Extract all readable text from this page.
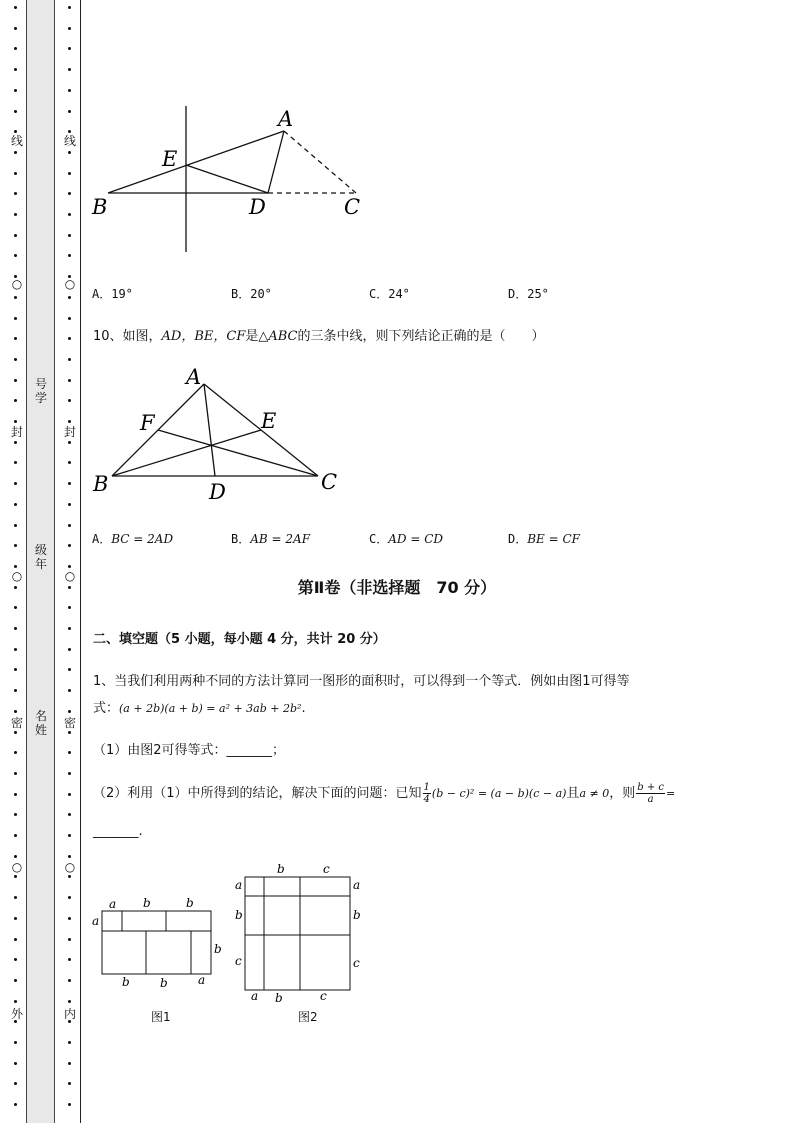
线
○
封
○
密
○
外
线
○
封
○
密
○
内
号学
级年
名姓
A
E
B	D	C
A．19°	B．20°	C．24°	D．25°
10、如图，AD，BE，CF是△ABC的三条中线，则下列结论正确的是（　　）
A
F	E
B	D	C
A．BC = 2AD	B．AB = 2AF	C．AD = CD	D．BE = CF
第Ⅱ卷（非选择题　70 分）
二、填空题（5 小题，每小题 4 分，共计 20 分）
1、当我们利用两种不同的方法计算同一图形的面积时，可以得到一个等式．例如由图1可得等
式：(a + 2b)(a + b) = a² + 3ab + 2b².
（1）由图2可得等式：_______；
（2）利用（1）中所得到的结论，解决下面的问题：已知 $\frac{1}{4} (b - c)^2 = (a - b)(c - a)$且a ≠ 0，则 $\frac{b + c}{a}$ =
_______.
a b	b
a
b
b	b	a
图1
b	c
a	a
b	b
c	c
a b	c
图2
